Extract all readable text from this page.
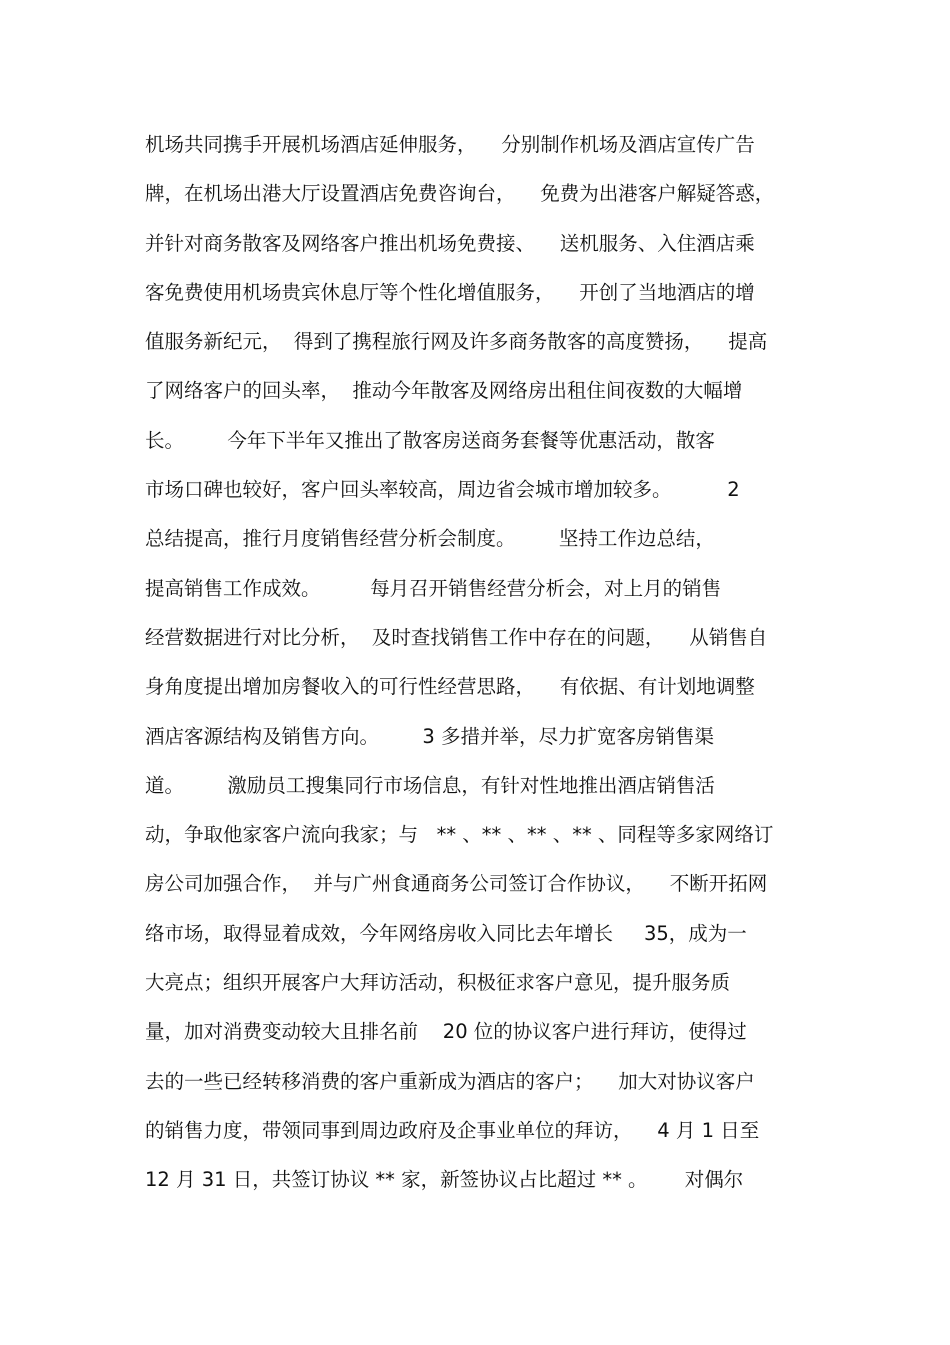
机场共同携手开展机场酒店延伸服务，    分别制作机场及酒店宣传广告
牌，在机场出港大厅设置酒店免费咨询台，    免费为出港客户解疑答惑，
并针对商务散客及网络客户推出机场免费接、    送机服务、入住酒店乘
客免费使用机场贵宾休息厅等个性化增值服务，    开创了当地酒店的增
值服务新纪元，  得到了携程旅行网及许多商务散客的高度赞扬，    提高
了网络客户的回头率，  推动今年散客及网络房出租住间夜数的大幅增
长。       今年下半年又推出了散客房送商务套餐等优惠活动，散客
市场口碑也较好，客户回头率较高，周边省会城市增加较多。         2
总结提高，推行月度销售经营分析会制度。       坚持工作边总结，
提高销售工作成效。        每月召开销售经营分析会，对上月的销售
经营数据进行对比分析，  及时查找销售工作中存在的问题，    从销售自
身角度提出增加房餐收入的可行性经营思路，    有依据、有计划地调整
酒店客源结构及销售方向。       3 多措并举，尽力扩宽客房销售渠
道。       激励员工搜集同行市场信息，有针对性地推出酒店销售活
动，争取他家客户流向我家；与   ** 、** 、** 、** 、同程等多家网络订
房公司加强合作，  并与广州食通商务公司签订合作协议，    不断开拓网
络市场，取得显着成效，今年网络房收入同比去年增长     35，成为一
大亮点；组织开展客户大拜访活动，积极征求客户意见，提升服务质
量，加对消费变动较大且排名前    20 位的协议客户进行拜访，使得过
去的一些已经转移消费的客户重新成为酒店的客户；    加大对协议客户
的销售力度，带领同事到周边政府及企事业单位的拜访，    4 月 1 日至
12 月 31 日，共签订协议 ** 家，新签协议占比超过 ** 。      对偶尔
